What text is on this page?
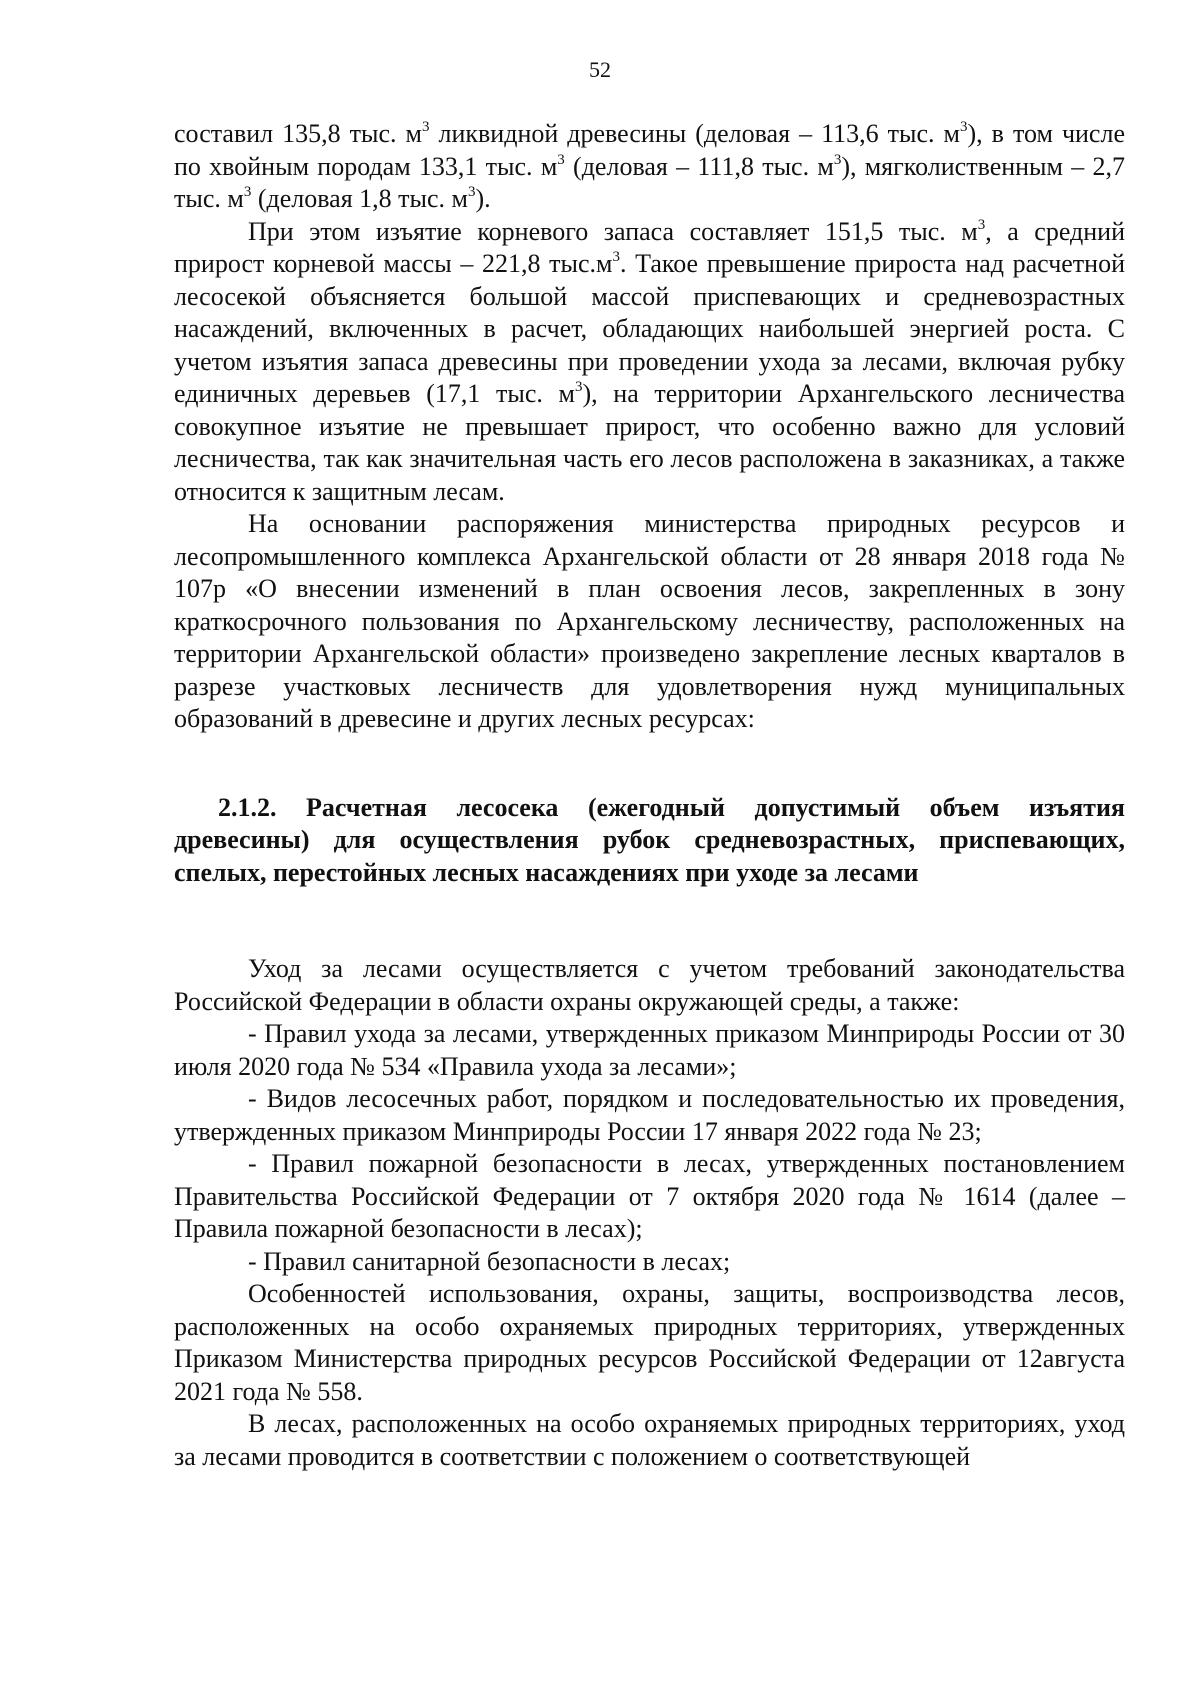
52

составил 135,8 тыс. $м^3$ ликвидной древесины (деловая – 113,6 тыс. $м^3$), в том числе по хвойным породам 133,1 тыс. $м^3$ (деловая – 111,8 тыс. $м^3$), мягколиственным – 2,7 тыс. $м^3$ (деловая 1,8 тыс. $м^3$).

При этом изъятие корневого запаса составляет 151,5 тыс. $м^3$, а средний прирост корневой массы – 221,8 $тыс.м^3$. Такое превышение прироста над расчетной лесосекой объясняется большой массой приспевающих и средневозрастных насаждений, включенных в расчет, обладающих наибольшей энергией роста. С учетом изъятия запаса древесины при проведении ухода за лесами, включая рубку единичных деревьев (17,1 тыс. $м^3$), на территории Архангельского лесничества совокупное изъятие не превышает прирост, что особенно важно для условий лесничества, так как значительная часть его лесов расположена в заказниках, а также относится к защитным лесам.

На основании распоряжения министерства природных ресурсов и лесопромышленного комплекса Архангельской области от 28 января 2018 года № 107р «О внесении изменений в план освоения лесов, закрепленных в зону краткосрочного пользования по Архангельскому лесничеству, расположенных на территории Архангельской области» произведено закрепление лесных кварталов в разрезе участковых лесничеств для удовлетворения нужд муниципальных образований в древесине и других лесных ресурсах:

2.1.2. Расчетная лесосека (ежегодный допустимый объем изъятия древесины) для осуществления рубок средневозрастных, приспевающих, спелых, перестойных лесных насаждениях при уходе за лесами

Уход за лесами осуществляется с учетом требований законодательства Российской Федерации в области охраны окружающей среды, а также:

- Правил ухода за лесами, утвержденных приказом Минприроды России от 30 июля 2020 года № 534 «Правила ухода за лесами»;

- Видов лесосечных работ, порядком и последовательностью их проведения, утвержденных приказом Минприроды России 17 января 2022 года № 23;

- Правил пожарной безопасности в лесах, утвержденных постановлением Правительства Российской Федерации от 7 октября 2020 года № 1614 (далее – Правила пожарной безопасности в лесах);

- Правил санитарной безопасности в лесах;

Особенностей использования, охраны, защиты, воспроизводства лесов, расположенных на особо охраняемых природных территориях, утвержденных Приказом Министерства природных ресурсов Российской Федерации от 12августа 2021 года № 558.

В лесах, расположенных на особо охраняемых природных территориях, уход за лесами проводится в соответствии с положением о соответствующей
